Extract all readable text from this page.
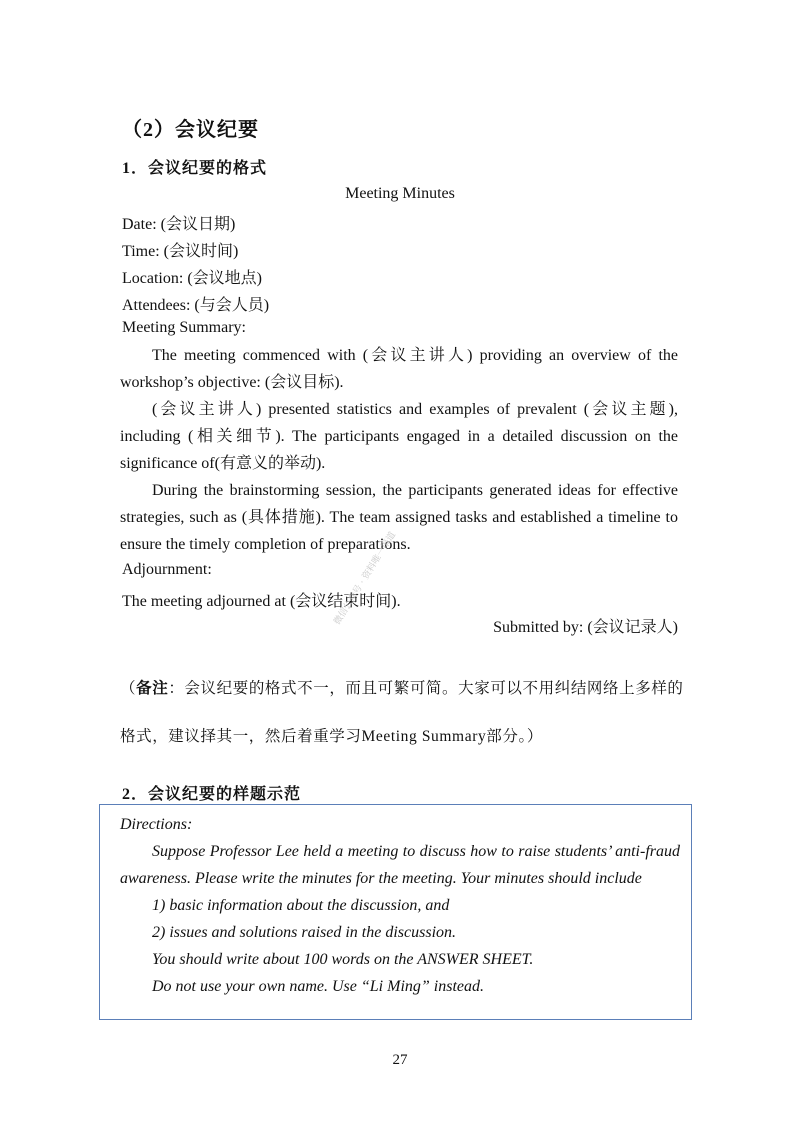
（2）会议纪要
1．会议纪要的格式
Meeting Minutes
Date: (会议日期)
Time: (会议时间)
Location: (会议地点)
Attendees: (与会人员)
Meeting Summary:
The meeting commenced with (会议主讲人) providing an overview of the workshop’s objective: (会议目标).
(会议主讲人) presented statistics and examples of prevalent (会议主题), including (相关细节). The participants engaged in a detailed discussion on the significance of(有意义的举动).
During the brainstorming session, the participants generated ideas for effective strategies, such as (具体措施). The team assigned tasks and established a timeline to ensure the timely completion of preparations.
Adjournment:
The meeting adjourned at (会议结束时间).
Submitted by: (会议记录人)
微信公众号 · 资料唯一渠道
（备注：会议纪要的格式不一，而且可繁可简。大家可以不用纠结网络上多样的格式，建议择其一，然后着重学习Meeting Summary部分。）
2．会议纪要的样题示范
Directions:
Suppose Professor Lee held a meeting to discuss how to raise students’ anti-fraud awareness. Please write the minutes for the meeting. Your minutes should include
1) basic information about the discussion, and
2) issues and solutions raised in the discussion.
You should write about 100 words on the ANSWER SHEET.
Do not use your own name. Use “Li Ming” instead.
27
